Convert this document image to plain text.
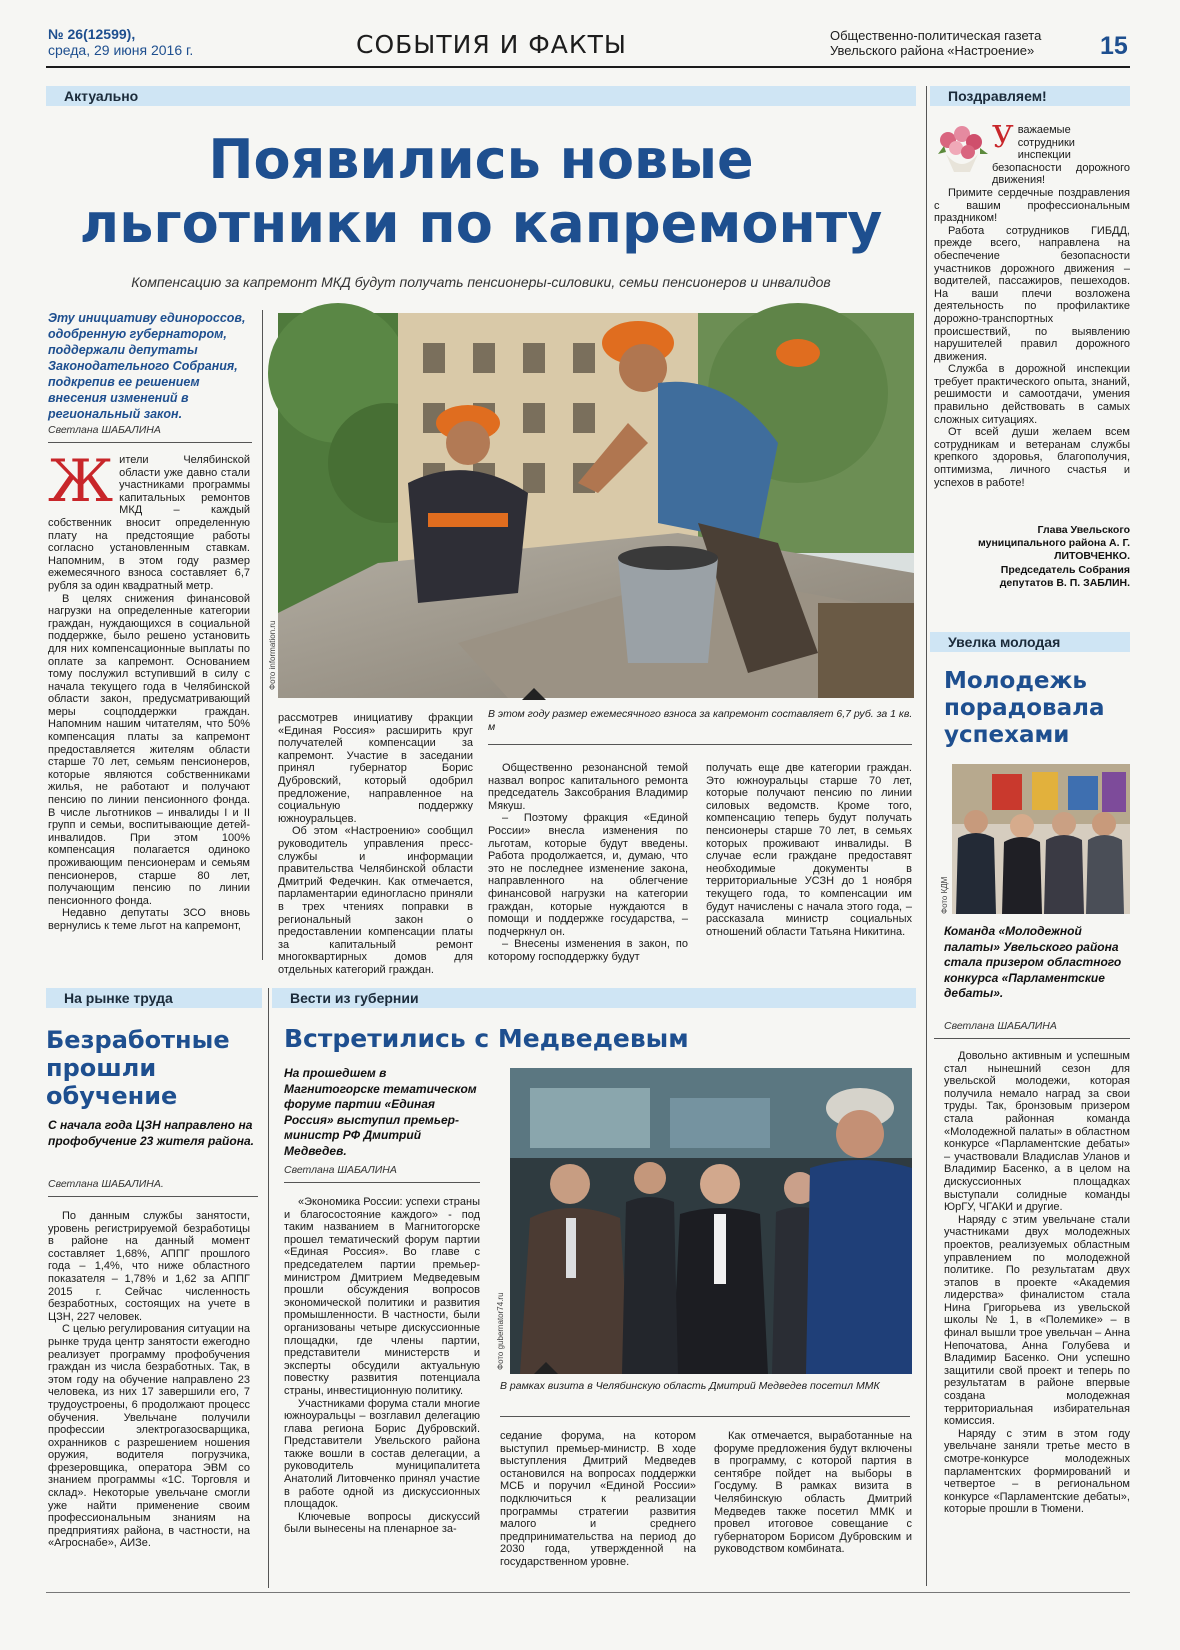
№ 26(12599),
среда, 29 июня 2016 г.	СОБЫТИЯ И ФАКТЫ	Общественно-политическая газета
Увельского района «Настроение»	15
Актуально
Появились новые
льготники по капремонту
Компенсацию за капремонт МКД будут получать пенсионеры-силовики, семьи пенсионеров и инвалидов
Эту инициативу единороссов, одобренную губернатором, поддержали депутаты Законодательного Собрания, подкрепив ее решением внесения изменений в региональный закон.
Светлана ШАБАЛИНА
Ж ители Челябинской области уже давно стали участниками программы капитальных ремонтов МКД – каждый собственник вносит определенную плату на предстоящие работы согласно установленным ставкам. Напомним, в этом году размер ежемесячного взноса составляет 6,7 рубля за один квадратный метр.

В целях снижения финансовой нагрузки на определенные категории граждан, нуждающихся в социальной поддержке, было решено установить для них компенсационные выплаты по оплате за капремонт. Основанием тому послужил вступивший в силу с начала текущего года в Челябинской области закон, предусматривающий меры соцподдержки граждан. Напомним нашим читателям, что 50% компенсация платы за капремонт предоставляется жителям области старше 70 лет, семьям пенсионеров, которые являются собственниками жилья, не работают и получают пенсию по линии пенсионного фонда. В числе льготников – инвалиды I и II групп и семьи, воспитывающие детей-инвалидов. При этом 100% компенсация полагается одиноко проживающим пенсионерам и семьям пенсионеров, старше 80 лет, получающим пенсию по линии пенсионного фонда.

Недавно депутаты ЗСО вновь вернулись к теме льгот на капремонт,

Фото information.ru
рассмотрев инициативу фракции «Единая Россия» расширить круг получателей компенсации за капремонт. Участие в заседании принял губернатор Борис Дубровский, который одобрил предложение, направленное на социальную поддержку южноуральцев.

Об этом «Настроению» сообщил руководитель управления пресс-службы и информации правительства Челябинской области Дмитрий Федечкин. Как отмечается, парламентарии единогласно приняли в трех чтениях поправки в региональный закон о предоставлении компенсации платы за капитальный ремонт многоквартирных домов для отдельных категорий граждан.

В этом году размер ежемесячного взноса за капремонт составляет 6,7 руб. за 1 кв. м

Общественно резонансной темой назвал вопрос капитального ремонта председатель Заксобрания Владимир Мякуш.

– Поэтому фракция «Единой России» внесла изменения по льготам, которые будут введены. Работа продолжается, и, думаю, что это не последнее изменение закона, направленного на облегчение финансовой нагрузки на категории граждан, которые нуждаются в помощи и поддержке государства, – подчеркнул он.

– Внесены изменения в закон, по которому господдержку будут

получать еще две категории граждан. Это южноуральцы старше 70 лет, которые получают пенсию по линии силовых ведомств. Кроме того, компенсацию теперь будут получать пенсионеры старше 70 лет, в семьях которых проживают инвалиды. В случае если граждане предоставят необходимые документы в территориальные УСЗН до 1 ноября текущего года, то компенсации им будут начислены с начала этого года, – рассказала министр социальных отношений области Татьяна Никитина.
Поздравляем!
У важаемые сотрудники инспекции безопасности дорожного движения!

Примите сердечные поздравления с вашим профессиональным праздником!

Работа сотрудников ГИБДД, прежде всего, направлена на обеспечение безопасности участников дорожного движения – водителей, пассажиров, пешеходов. На ваши плечи возложена деятельность по профилактике дорожно-транспортных происшествий, по выявлению нарушителей правил дорожного движения.

Служба в дорожной инспекции требует практического опыта, знаний, решимости и самоотдачи, умения правильно действовать в самых сложных ситуациях.

От всей души желаем всем сотрудникам и ветеранам службы крепкого здоровья, благополучия, оптимизма, личного счастья и успехов в работе!

Глава Увельского муниципального района А. Г. ЛИТОВЧЕНКО.
Председатель Собрания депутатов В. П. ЗАБЛИН.
Увелка молодая
Молодежь порадовала успехами
Фото КДМ
Команда «Молодежной палаты» Увельского района стала призером областного конкурса «Парламентские дебаты».
Светлана ШАБАЛИНА

Довольно активным и успешным стал нынешний сезон для увельской молодежи, которая получила немало наград за свои труды. Так, бронзовым призером стала районная команда «Молодежной палаты» в областном конкурсе «Парламентские дебаты» – участвовали Владислав Уланов и Владимир Басенко, а в целом на дискуссионных площадках выступали солидные команды ЮрГУ, ЧГАКИ и другие.

Наряду с этим увельчане стали участниками двух молодежных проектов, реализуемых областным управлением по молодежной политике. По результатам двух этапов в проекте «Академия лидерства» финалистом стала Нина Григорьева из увельской школы № 1, в «Полемике» – в финал вышли трое увельчан – Анна Непочатова, Анна Голубева и Владимир Басенко. Они успешно защитили свой проект и теперь по результатам в районе впервые создана молодежная территориальная избирательная комиссия.

Наряду с этим в этом году увельчане заняли третье место в смотре-конкурсе молодежных парламентских формирований и четвертое – в региональном конкурсе «Парламентские дебаты», которые прошли в Тюмени.

На рынке труда
Безработные прошли обучение
С начала года ЦЗН направлено на профобучение 23 жителя района.
Светлана ШАБАЛИНА.

По данным службы занятости, уровень регистрируемой безработицы в районе на данный момент составляет 1,68%, АППГ прошлого года – 1,4%, что ниже областного показателя – 1,78% и 1,62 за АППГ 2015 г. Сейчас численность безработных, состоящих на учете в ЦЗН, 227 человек.

С целью регулирования ситуации на рынке труда центр занятости ежегодно реализует программу профобучения граждан из числа безработных. Так, в этом году на обучение направлено 23 человека, из них 17 завершили его, 7 трудоустроены, 6 продолжают процесс обучения. Увельчане получили профессии электрогазосварщика, охранников с разрешением ношения оружия, водителя погрузчика, фрезеровщика, оператора ЭВМ со знанием программы «1С. Торговля и склад». Некоторые увельчане смогли уже найти применение своим профессиональным знаниям на предприятиях района, в частности, на «Агроснабе», АИЗе.

Вести из губернии
Встретились с Медведевым
На прошедшем в Магнитогорске тематическом форуме партии «Единая Россия» выступил премьер-министр РФ Дмитрий Медведев.
Светлана ШАБАЛИНА
Фото gubernator74.ru
В рамках визита в Челябинскую область Дмитрий Медведев посетил ММК

«Экономика России: успехи страны и благосостояние каждого» - под таким названием в Магнитогорске прошел тематический форум партии «Единая Россия». Во главе с председателем партии премьер-министром Дмитрием Медведевым прошли обсуждения вопросов экономической политики и развития промышленности. В частности, были организованы четыре дискуссионные площадки, где члены партии, представители министерств и эксперты обсудили актуальную повестку развития потенциала страны, инвестиционную политику.

Участниками форума стали многие южноуральцы – возглавил делегацию глава региона Борис Дубровский. Представители Увельского района также вошли в состав делегации, а руководитель муниципалитета Анатолий Литовченко принял участие в работе одной из дискуссионных площадок.

Ключевые вопросы дискуссий были вынесены на пленарное за-

седание форума, на котором выступил премьер-министр. В ходе выступления Дмитрий Медведев остановился на вопросах поддержки МСБ и поручил «Единой России» подключиться к реализации программы стратегии развития малого и среднего предпринимательства на период до 2030 года, утвержденной на государственном уровне.

Как отмечается, выработанные на форуме предложения будут включены в программу, с которой партия в сентябре пойдет на выборы в Госдуму. В рамках визита в Челябинскую область Дмитрий Медведев также посетил ММК и провел итоговое совещание с губернатором Борисом Дубровским и руководством комбината.
